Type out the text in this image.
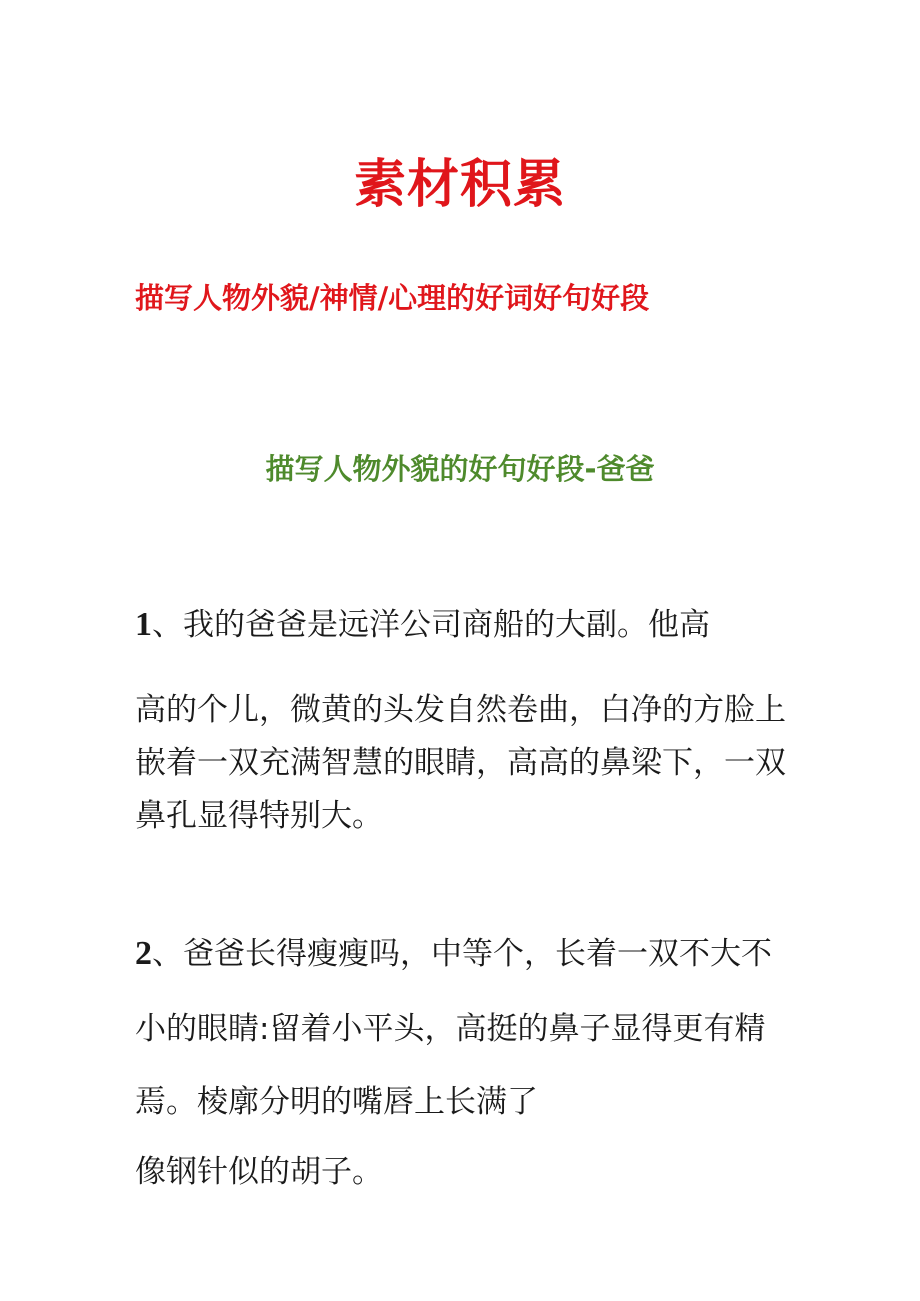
素材积累
描写人物外貌/神情/心理的好词好句好段
描写人物外貌的好句好段-爸爸

1、我的爸爸是远洋公司商船的大副。他高

高的个儿，微黄的头发自然卷曲，白净的方脸上

嵌着一双充满智慧的眼睛，高高的鼻梁下，一双

鼻孔显得特别大。

2、爸爸长得瘦瘦吗，中等个，长着一双不大不

小的眼睛:留着小平头，高挺的鼻子显得更有精

焉。棱廓分明的嘴唇上长满了

像钢针似的胡子。
